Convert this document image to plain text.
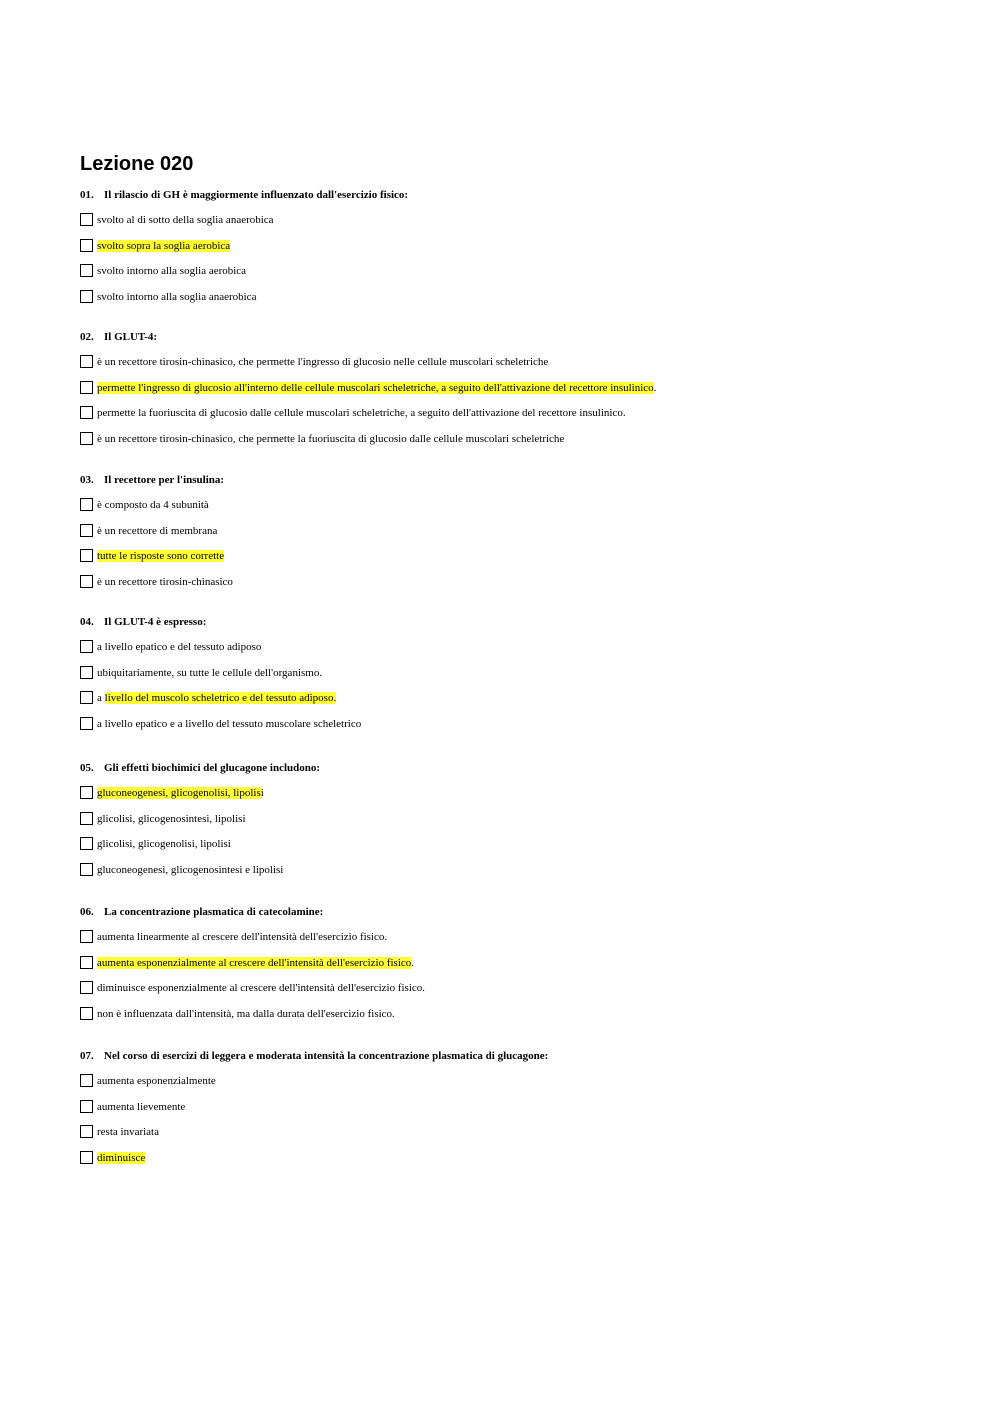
Lezione 020
01. Il rilascio di GH è maggiormente influenzato dall'esercizio fisico:
svolto al di sotto della soglia anaerobica
svolto sopra la soglia aerobica
svolto intorno alla soglia aerobica
svolto intorno alla soglia anaerobica
02. Il GLUT-4:
è un recettore tirosin-chinasico, che permette l'ingresso di glucosio nelle cellule muscolari scheletriche
permette l'ingresso di glucosio all'interno delle cellule muscolari scheletriche, a seguito dell'attivazione del recettore insulinico.
permette la fuoriuscita di glucosio dalle cellule muscolari scheletriche, a seguito dell'attivazione del recettore insulinico.
è un recettore tirosin-chinasico, che permette la fuoriuscita di glucosio dalle cellule muscolari scheletriche
03. Il recettore per l'insulina:
è composto da 4 subunità
è un recettore di membrana
tutte le risposte sono corrette
è un recettore tirosin-chinasico
04. Il GLUT-4 è espresso:
a livello epatico e del tessuto adiposo
ubiquitariamente, su tutte le cellule dell'organismo.
a livello del muscolo scheletrico e del tessuto adiposo.
a livello epatico e a livello del tessuto muscolare scheletrico
05. Gli effetti biochimici del glucagone includono:
gluconeogenesi, glicogenolisi, lipolisi
glicolisi, glicogenosintesi, lipolisi
glicolisi, glicogenolisi, lipolisi
gluconeogenesi, glicogenosintesi e lipolisi
06. La concentrazione plasmatica di catecolamine:
aumenta linearmente al crescere dell'intensità dell'esercizio fisico.
aumenta esponenzialmente al crescere dell'intensità dell'esercizio fisico.
diminuisce esponenzialmente al crescere dell'intensità dell'esercizio fisico.
non è influenzata dall'intensità, ma dalla durata dell'esercizio fisico.
07. Nel corso di esercizi di leggera e moderata intensità la concentrazione plasmatica di glucagone:
aumenta esponenzialmente
aumenta lievemente
resta invariata
diminuisce
